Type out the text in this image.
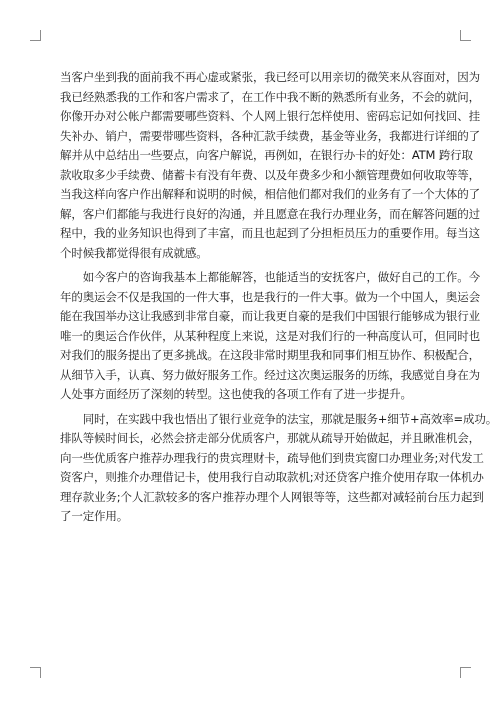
当客户坐到我的面前我不再心虚或紧张，我已经可以用亲切的微笑来从容面对，因为
我已经熟悉我的工作和客户需求了，在工作中我不断的熟悉所有业务，不会的就问，
你像开办对公帐户都需要哪些资料、个人网上银行怎样使用、密码忘记如何找回、挂
失补办、销户，需要带哪些资料，各种汇款手续费，基金等业务，我都进行详细的了
解并从中总结出一些要点，向客户解说，再例如，在银行办卡的好处：ATM 跨行取
款收取多少手续费、储蓄卡有没有年费、以及年费多少和小额管理费如何收取等等，
当我这样向客户作出解释和说明的时候，相信他们都对我们的业务有了一个大体的了
解，客户们都能与我进行良好的沟通，并且愿意在我行办理业务，而在解答问题的过
程中，我的业务知识也得到了丰富，而且也起到了分担柜员压力的重要作用。每当这
个时候我都觉得很有成就感。
　　如今客户的咨询我基本上都能解答，也能适当的安抚客户，做好自己的工作。今
年的奥运会不仅是我国的一件大事，也是我行的一件大事。做为一个中国人，奥运会
能在我国举办这让我感到非常自豪，而让我更自豪的是我们中国银行能够成为银行业
唯一的奥运合作伙伴，从某种程度上来说，这是对我们行的一种高度认可，但同时也
对我们的服务提出了更多挑战。在这段非常时期里我和同事们相互协作、积极配合，
从细节入手，认真、努力做好服务工作。经过这次奥运服务的历练，我感觉自身在为
人处事方面经历了深刻的转型。这也使我的各项工作有了进一步提升。
　　同时，在实践中我也悟出了银行业竞争的法宝，那就是服务+细节+高效率=成功。
排队等候时间长，必然会挤走部分优质客户，那就从疏导开始做起，并且瞅准机会，
向一些优质客户推荐办理我行的贵宾理财卡，疏导他们到贵宾窗口办理业务;对代发工
资客户，则推介办理借记卡，使用我行自动取款机;对还贷客户推介使用存取一体机办
理存款业务;个人汇款较多的客户推荐办理个人网银等等，这些都对减轻前台压力起到
了一定作用。
